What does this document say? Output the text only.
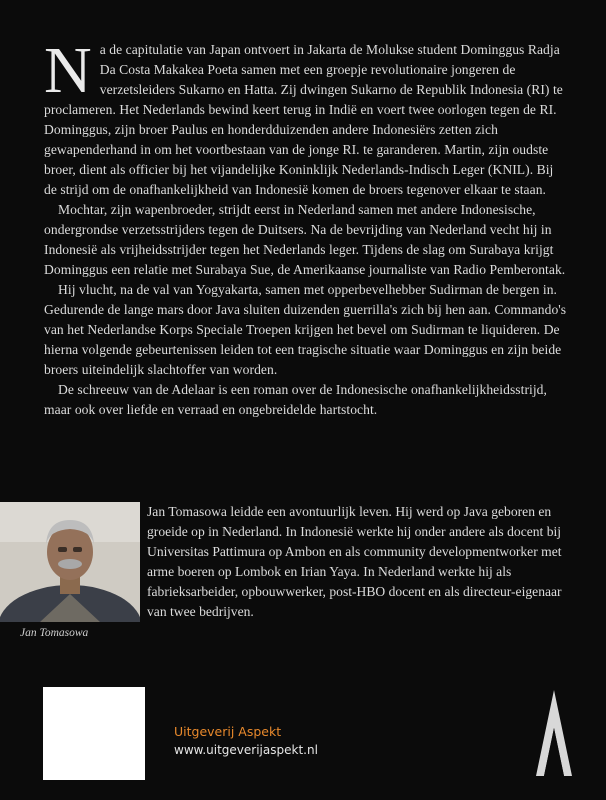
Na de capitulatie van Japan ontvoert in Jakarta de Molukse student Dominggus Radja Da Costa Makakea Poeta samen met een groepje revolutionaire jongeren de verzetsleiders Sukarno en Hatta. Zij dwingen Sukarno de Republik Indonesia (RI) te proclameren. Het Nederlands bewind keert terug in Indië en voert twee oorlogen tegen de RI. Dominggus, zijn broer Paulus en honderdduizenden andere Indonesiërs zetten zich gewapenderhand in om het voortbestaan van de jonge RI. te garanderen. Martin, zijn oudste broer, dient als officier bij het vijandelijke Koninklijk Nederlands-Indisch Leger (KNIL). Bij de strijd om de onafhankelijkheid van Indonesië komen de broers tegenover elkaar te staan.

Mochtar, zijn wapenbroeder, strijdt eerst in Nederland samen met andere Indonesische, ondergrondse verzetsstrijders tegen de Duitsers. Na de bevrijding van Nederland vecht hij in Indonesië als vrijheidsstrijder tegen het Nederlands leger. Tijdens de slag om Surabaya krijgt Dominggus een relatie met Surabaya Sue, de Amerikaanse journaliste van Radio Pemberontak.

Hij vlucht, na de val van Yogyakarta, samen met opperbevelhebber Sudirman de bergen in. Gedurende de lange mars door Java sluiten duizenden guerrilla's zich bij hen aan. Commando's van het Nederlandse Korps Speciale Troepen krijgen het bevel om Sudirman te liquideren. De hierna volgende gebeurtenissen leiden tot een tragische situatie waar Dominggus en zijn beide broers uiteindelijk slachtoffer van worden.

De schreeuw van de Adelaar is een roman over de Indonesische onafhankelijkheidsstrijd, maar ook over liefde en verraad en ongebreidelde hartstocht.

Jan Tomasowa
Jan Tomasowa leidde een avontuurlijk leven. Hij werd op Java geboren en groeide op in Nederland. In Indonesië werkte hij onder andere als docent bij Universitas Pattimura op Ambon en als community developmentworker met arme boeren op Lombok en Irian Yaya. In Nederland werkte hij als fabrieksarbeider, opbouwwerker, post-HBO docent en als directeur-eigenaar van twee bedrijven.
Uitgeverij Aspekt
www.uitgeverijaspekt.nl
